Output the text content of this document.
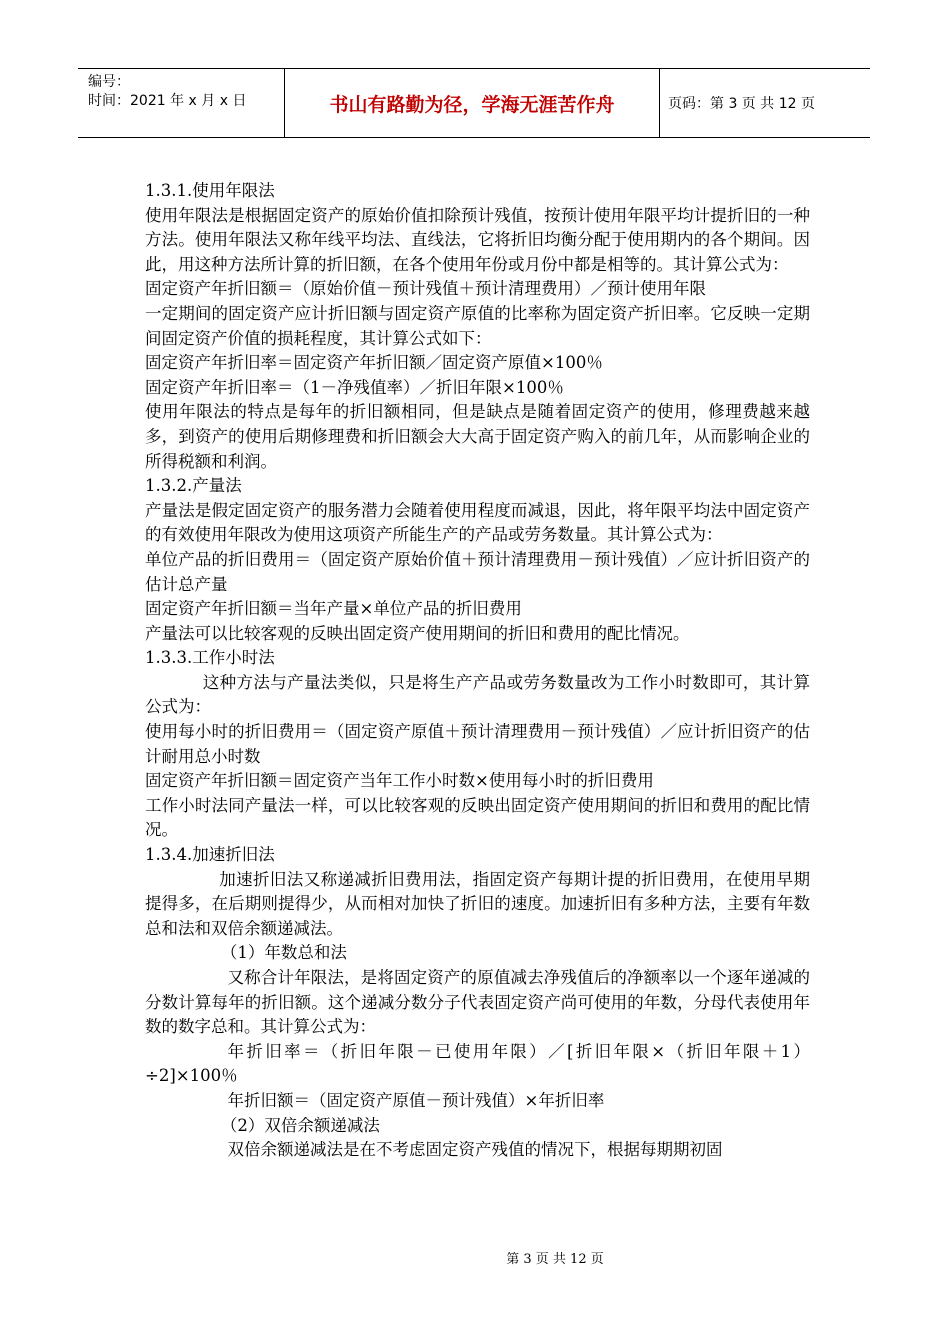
编号：
时间：2021 年 x 月 x 日	书山有路勤为径，学海无涯苦作舟	页码：第 3 页 共 12 页

1.3.1.使用年限法

使用年限法是根据固定资产的原始价值扣除预计残值，按预计使用年限平均计提折旧的一种方法。使用年限法又称年线平均法、直线法，它将折旧均衡分配于使用期内的各个期间。因此，用这种方法所计算的折旧额，在各个使用年份或月份中都是相等的。其计算公式为：

固定资产年折旧额＝（原始价值－预计残值＋预计清理费用）／预计使用年限

一定期间的固定资产应计折旧额与固定资产原值的比率称为固定资产折旧率。它反映一定期间固定资产价值的损耗程度，其计算公式如下：

固定资产年折旧率＝固定资产年折旧额／固定资产原值×100％

固定资产年折旧率＝（1－净残值率）／折旧年限×100％

使用年限法的特点是每年的折旧额相同，但是缺点是随着固定资产的使用，修理费越来越多，到资产的使用后期修理费和折旧额会大大高于固定资产购入的前几年，从而影响企业的所得税额和利润。

1.3.2.产量法

产量法是假定固定资产的服务潜力会随着使用程度而减退，因此，将年限平均法中固定资产的有效使用年限改为使用这项资产所能生产的产品或劳务数量。其计算公式为：

单位产品的折旧费用＝（固定资产原始价值＋预计清理费用－预计残值）／应计折旧资产的估计总产量

固定资产年折旧额＝当年产量×单位产品的折旧费用

产量法可以比较客观的反映出固定资产使用期间的折旧和费用的配比情况。

1.3.3.工作小时法

这种方法与产量法类似，只是将生产产品或劳务数量改为工作小时数即可，其计算公式为：

使用每小时的折旧费用＝（固定资产原值＋预计清理费用－预计残值）／应计折旧资产的估计耐用总小时数

固定资产年折旧额＝固定资产当年工作小时数×使用每小时的折旧费用

工作小时法同产量法一样，可以比较客观的反映出固定资产使用期间的折旧和费用的配比情况。

1.3.4.加速折旧法

加速折旧法又称递减折旧费用法，指固定资产每期计提的折旧费用，在使用早期提得多，在后期则提得少，从而相对加快了折旧的速度。加速折旧有多种方法，主要有年数总和法和双倍余额递减法。

（1）年数总和法

又称合计年限法，是将固定资产的原值减去净残值后的净额率以一个逐年递减的分数计算每年的折旧额。这个递减分数分子代表固定资产尚可使用的年数，分母代表使用年数的数字总和。其计算公式为：

年折旧率＝（折旧年限－已使用年限）／[折旧年限×（折旧年限＋1）÷2]×100％

年折旧额＝（固定资产原值－预计残值）×年折旧率

（2）双倍余额递减法

双倍余额递减法是在不考虑固定资产残值的情况下，根据每期期初固

第 3 页 共 12 页
